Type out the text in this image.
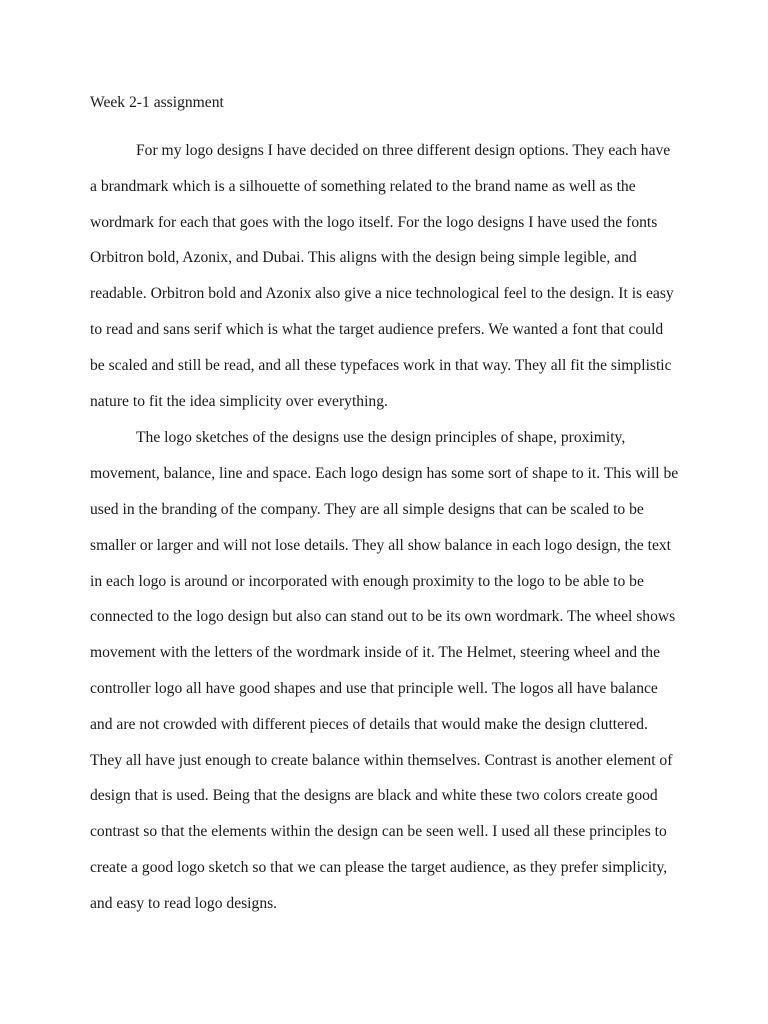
Week 2-1 assignment

For my logo designs I have decided on three different design options. They each have a brandmark which is a silhouette of something related to the brand name as well as the wordmark for each that goes with the logo itself. For the logo designs I have used the fonts Orbitron bold, Azonix, and Dubai. This aligns with the design being simple legible, and readable. Orbitron bold and Azonix also give a nice technological feel to the design. It is easy to read and sans serif which is what the target audience prefers. We wanted a font that could be scaled and still be read, and all these typefaces work in that way. They all fit the simplistic nature to fit the idea simplicity over everything.

The logo sketches of the designs use the design principles of shape, proximity, movement, balance, line and space. Each logo design has some sort of shape to it. This will be used in the branding of the company. They are all simple designs that can be scaled to be smaller or larger and will not lose details. They all show balance in each logo design, the text in each logo is around or incorporated with enough proximity to the logo to be able to be connected to the logo design but also can stand out to be its own wordmark. The wheel shows movement with the letters of the wordmark inside of it. The Helmet, steering wheel and the controller logo all have good shapes and use that principle well. The logos all have balance and are not crowded with different pieces of details that would make the design cluttered. They all have just enough to create balance within themselves. Contrast is another element of design that is used. Being that the designs are black and white these two colors create good contrast so that the elements within the design can be seen well. I used all these principles to create a good logo sketch so that we can please the target audience, as they prefer simplicity, and easy to read logo designs.
